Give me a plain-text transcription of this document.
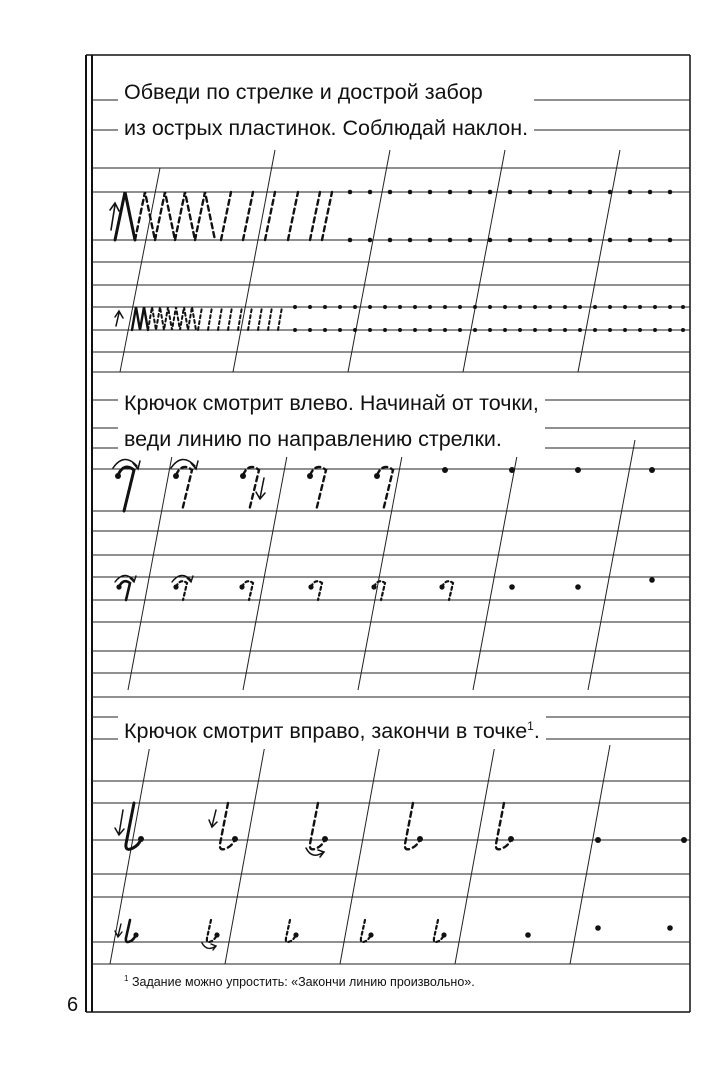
Обведи по стрелке и дострой забор
из острых пластинок. Соблюдай наклон.
Крючок смотрит влево. Начинай от точки,
веди линию по направлению стрелки.
Крючок смотрит вправо, закончи в точке$^1$.
$^1$ Задание можно упростить: «Закончи линию произвольно».
6
